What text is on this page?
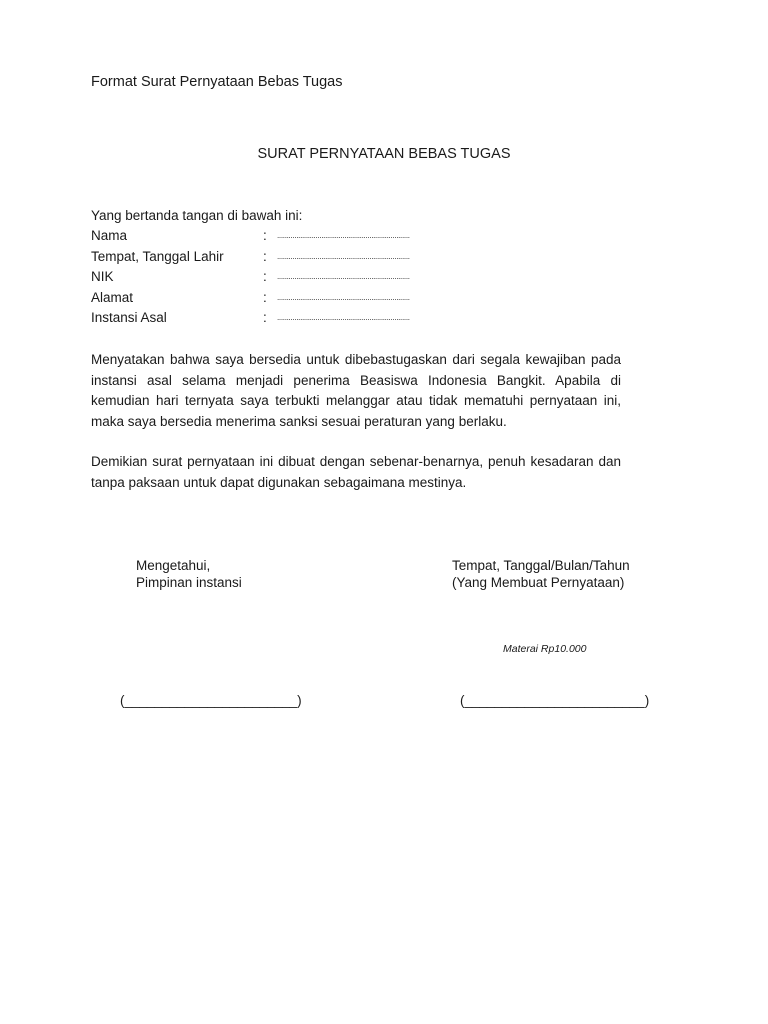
Format Surat Pernyataan Bebas Tugas
SURAT PERNYATAAN BEBAS TUGAS
Yang bertanda tangan di bawah ini:
Nama	: .....................................................................
Tempat, Tanggal Lahir	: .....................................................................
NIK	: .....................................................................
Alamat	: .....................................................................
Instansi Asal	: .....................................................................
Menyatakan bahwa saya bersedia untuk dibebastugaskan dari segala kewajiban pada instansi asal selama menjadi penerima Beasiswa Indonesia Bangkit. Apabila di kemudian hari ternyata saya terbukti melanggar atau tidak mematuhi pernyataan ini, maka saya bersedia menerima sanksi sesuai peraturan yang berlaku.
Demikian surat pernyataan ini dibuat dengan sebenar-benarnya, penuh kesadaran dan tanpa paksaan untuk dapat digunakan sebagaimana mestinya.
Mengetahui,
Pimpinan instansi
Tempat, Tanggal/Bulan/Tahun
(Yang Membuat Pernyataan)
Materai Rp10.000
(_______________________)	(________________________)
